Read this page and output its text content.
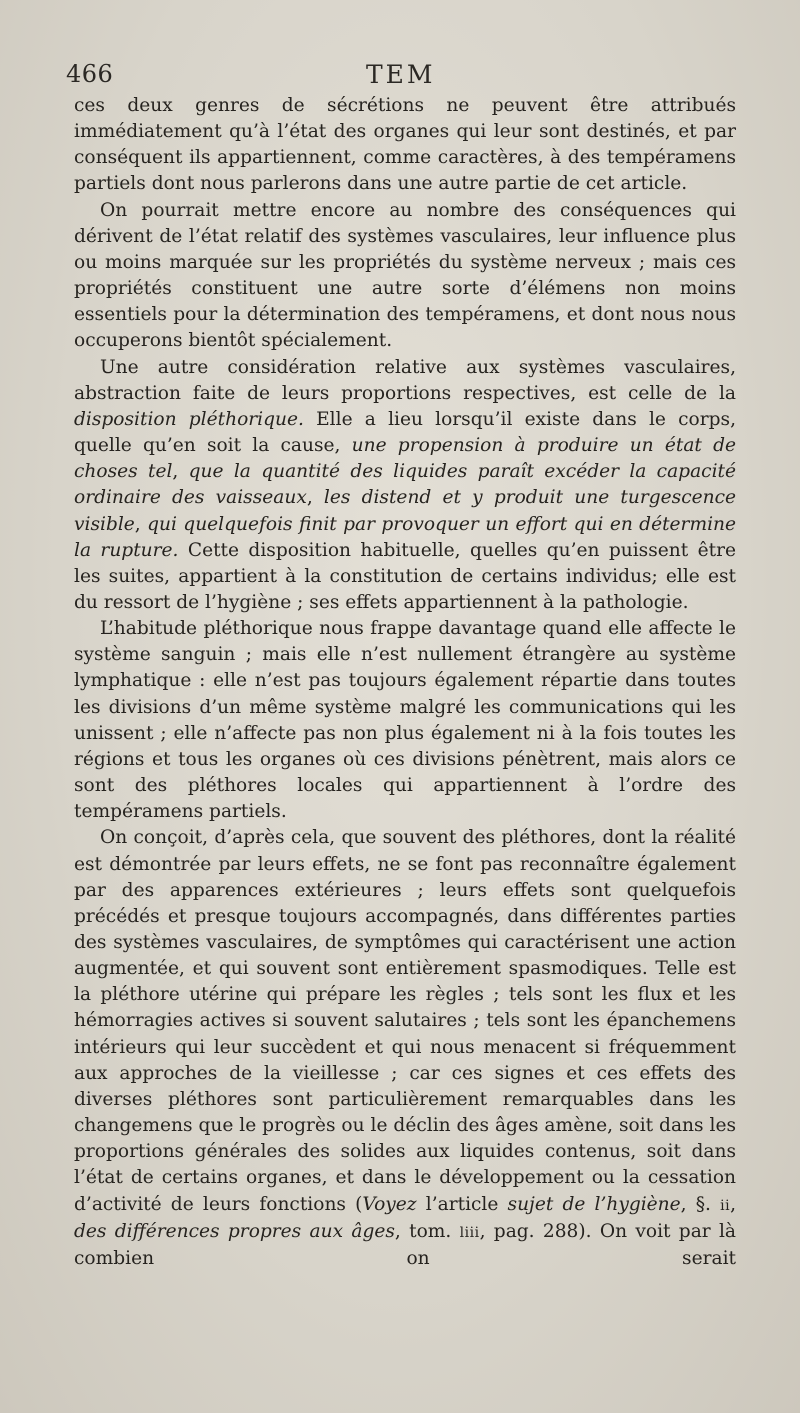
466	TEM

ces deux genres de sécrétions ne peuvent être attribués immédiatement qu’à l’état des organes qui leur sont destinés, et par conséquent ils appartiennent, comme caractères, à des tempéramens partiels dont nous parlerons dans une autre partie de cet article.

On pourrait mettre encore au nombre des conséquences qui dérivent de l’état relatif des systèmes vasculaires, leur influence plus ou moins marquée sur les propriétés du système nerveux ; mais ces propriétés constituent une autre sorte d’élémens non moins essentiels pour la détermination des tempéramens, et dont nous nous occuperons bientôt spécialement.

Une autre considération relative aux systèmes vasculaires, abstraction faite de leurs proportions respectives, est celle de la disposition pléthorique. Elle a lieu lorsqu’il existe dans le corps, quelle qu’en soit la cause, une propension à produire un état de choses tel, que la quantité des liquides paraît excéder la capacité ordinaire des vaisseaux, les distend et y produit une turgescence visible, qui quelquefois finit par provoquer un effort qui en détermine la rupture. Cette disposition habituelle, quelles qu’en puissent être les suites, appartient à la constitution de certains individus; elle est du ressort de l’hygiène ; ses effets appartiennent à la pathologie.

L’habitude pléthorique nous frappe davantage quand elle affecte le système sanguin ; mais elle n’est nullement étrangère au système lymphatique : elle n’est pas toujours également répartie dans toutes les divisions d’un même système malgré les communications qui les unissent ; elle n’affecte pas non plus également ni à la fois toutes les régions et tous les organes où ces divisions pénètrent, mais alors ce sont des pléthores locales qui appartiennent à l’ordre des tempéramens partiels.

On conçoit, d’après cela, que souvent des pléthores, dont la réalité est démontrée par leurs effets, ne se font pas reconnaître également par des apparences extérieures ; leurs effets sont quelquefois précédés et presque toujours accompagnés, dans différentes parties des systèmes vasculaires, de symptômes qui caractérisent une action augmentée, et qui souvent sont entièrement spasmodiques. Telle est la pléthore utérine qui prépare les règles ; tels sont les flux et les hémorragies actives si souvent salutaires ; tels sont les épanchemens intérieurs qui leur succèdent et qui nous menacent si fréquemment aux approches de la vieillesse ; car ces signes et ces effets des diverses pléthores sont particulièrement remarquables dans les changemens que le progrès ou le déclin des âges amène, soit dans les proportions générales des solides aux liquides contenus, soit dans l’état de certains organes, et dans le développement ou la cessation d’activité de leurs fonctions (Voyez l’article sujet de l’hygiène, §. ii, des différences propres aux âges, tom. liii, pag. 288). On voit par là combien on serait
